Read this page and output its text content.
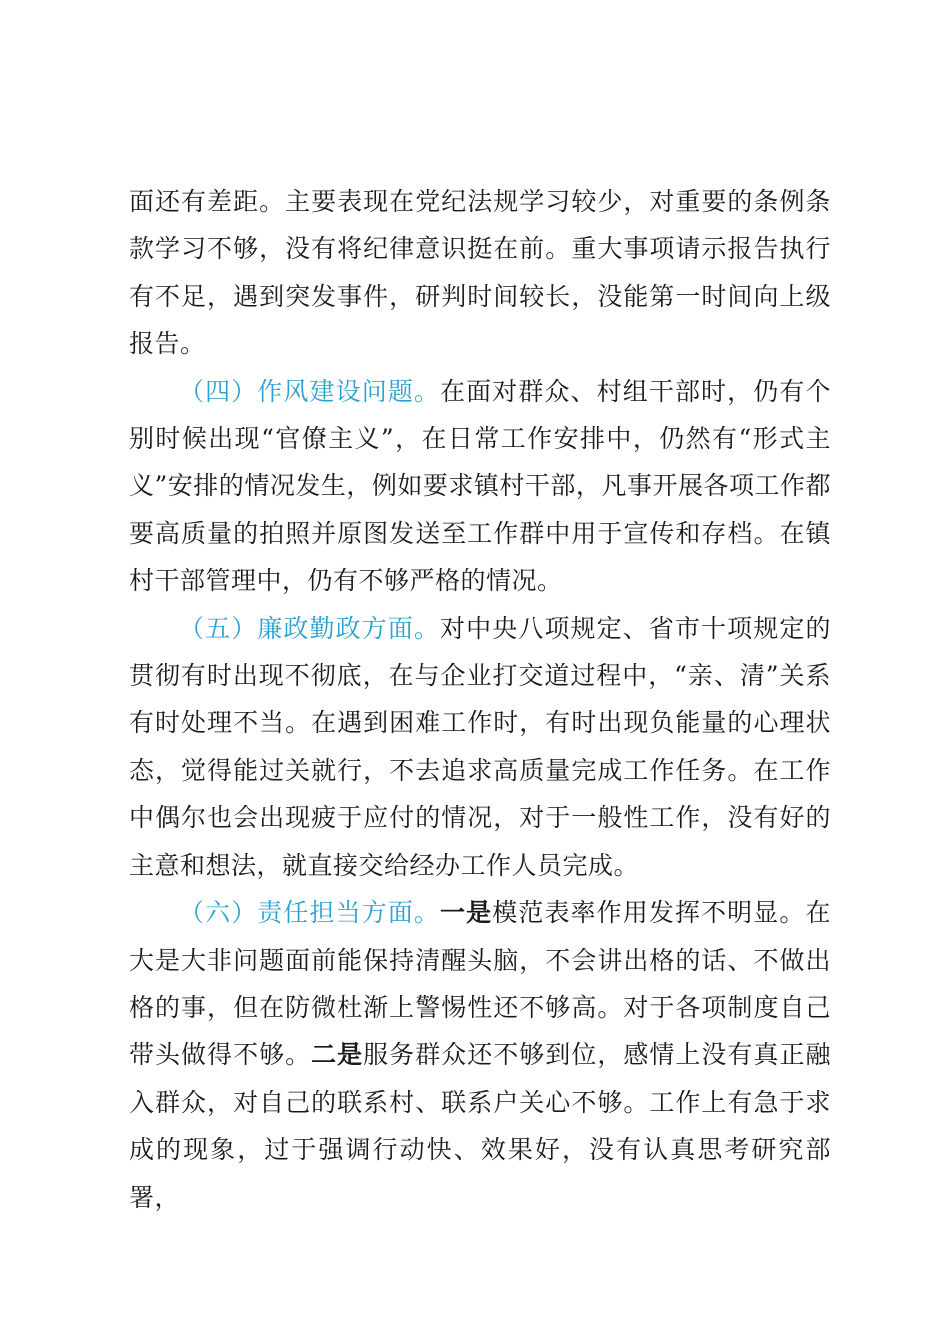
面还有差距。主要表现在党纪法规学习较少，对重要的条例条款学习不够，没有将纪律意识挺在前。重大事项请示报告执行有不足，遇到突发事件，研判时间较长，没能第一时间向上级报告。

（四）作风建设问题。在面对群众、村组干部时，仍有个别时候出现“官僚主义”，在日常工作安排中，仍然有“形式主义”安排的情况发生，例如要求镇村干部，凡事开展各项工作都要高质量的拍照并原图发送至工作群中用于宣传和存档。在镇村干部管理中，仍有不够严格的情况。

（五）廉政勤政方面。对中央八项规定、省市十项规定的贯彻有时出现不彻底，在与企业打交道过程中，“亲、清”关系有时处理不当。在遇到困难工作时，有时出现负能量的心理状态，觉得能过关就行，不去追求高质量完成工作任务。在工作中偶尔也会出现疲于应付的情况，对于一般性工作，没有好的主意和想法，就直接交给经办工作人员完成。

（六）责任担当方面。一是模范表率作用发挥不明显。在大是大非问题面前能保持清醒头脑，不会讲出格的话、不做出格的事，但在防微杜渐上警惕性还不够高。对于各项制度自己带头做得不够。二是服务群众还不够到位，感情上没有真正融入群众，对自己的联系村、联系户关心不够。工作上有急于求成的现象，过于强调行动快、效果好，没有认真思考研究部署，
